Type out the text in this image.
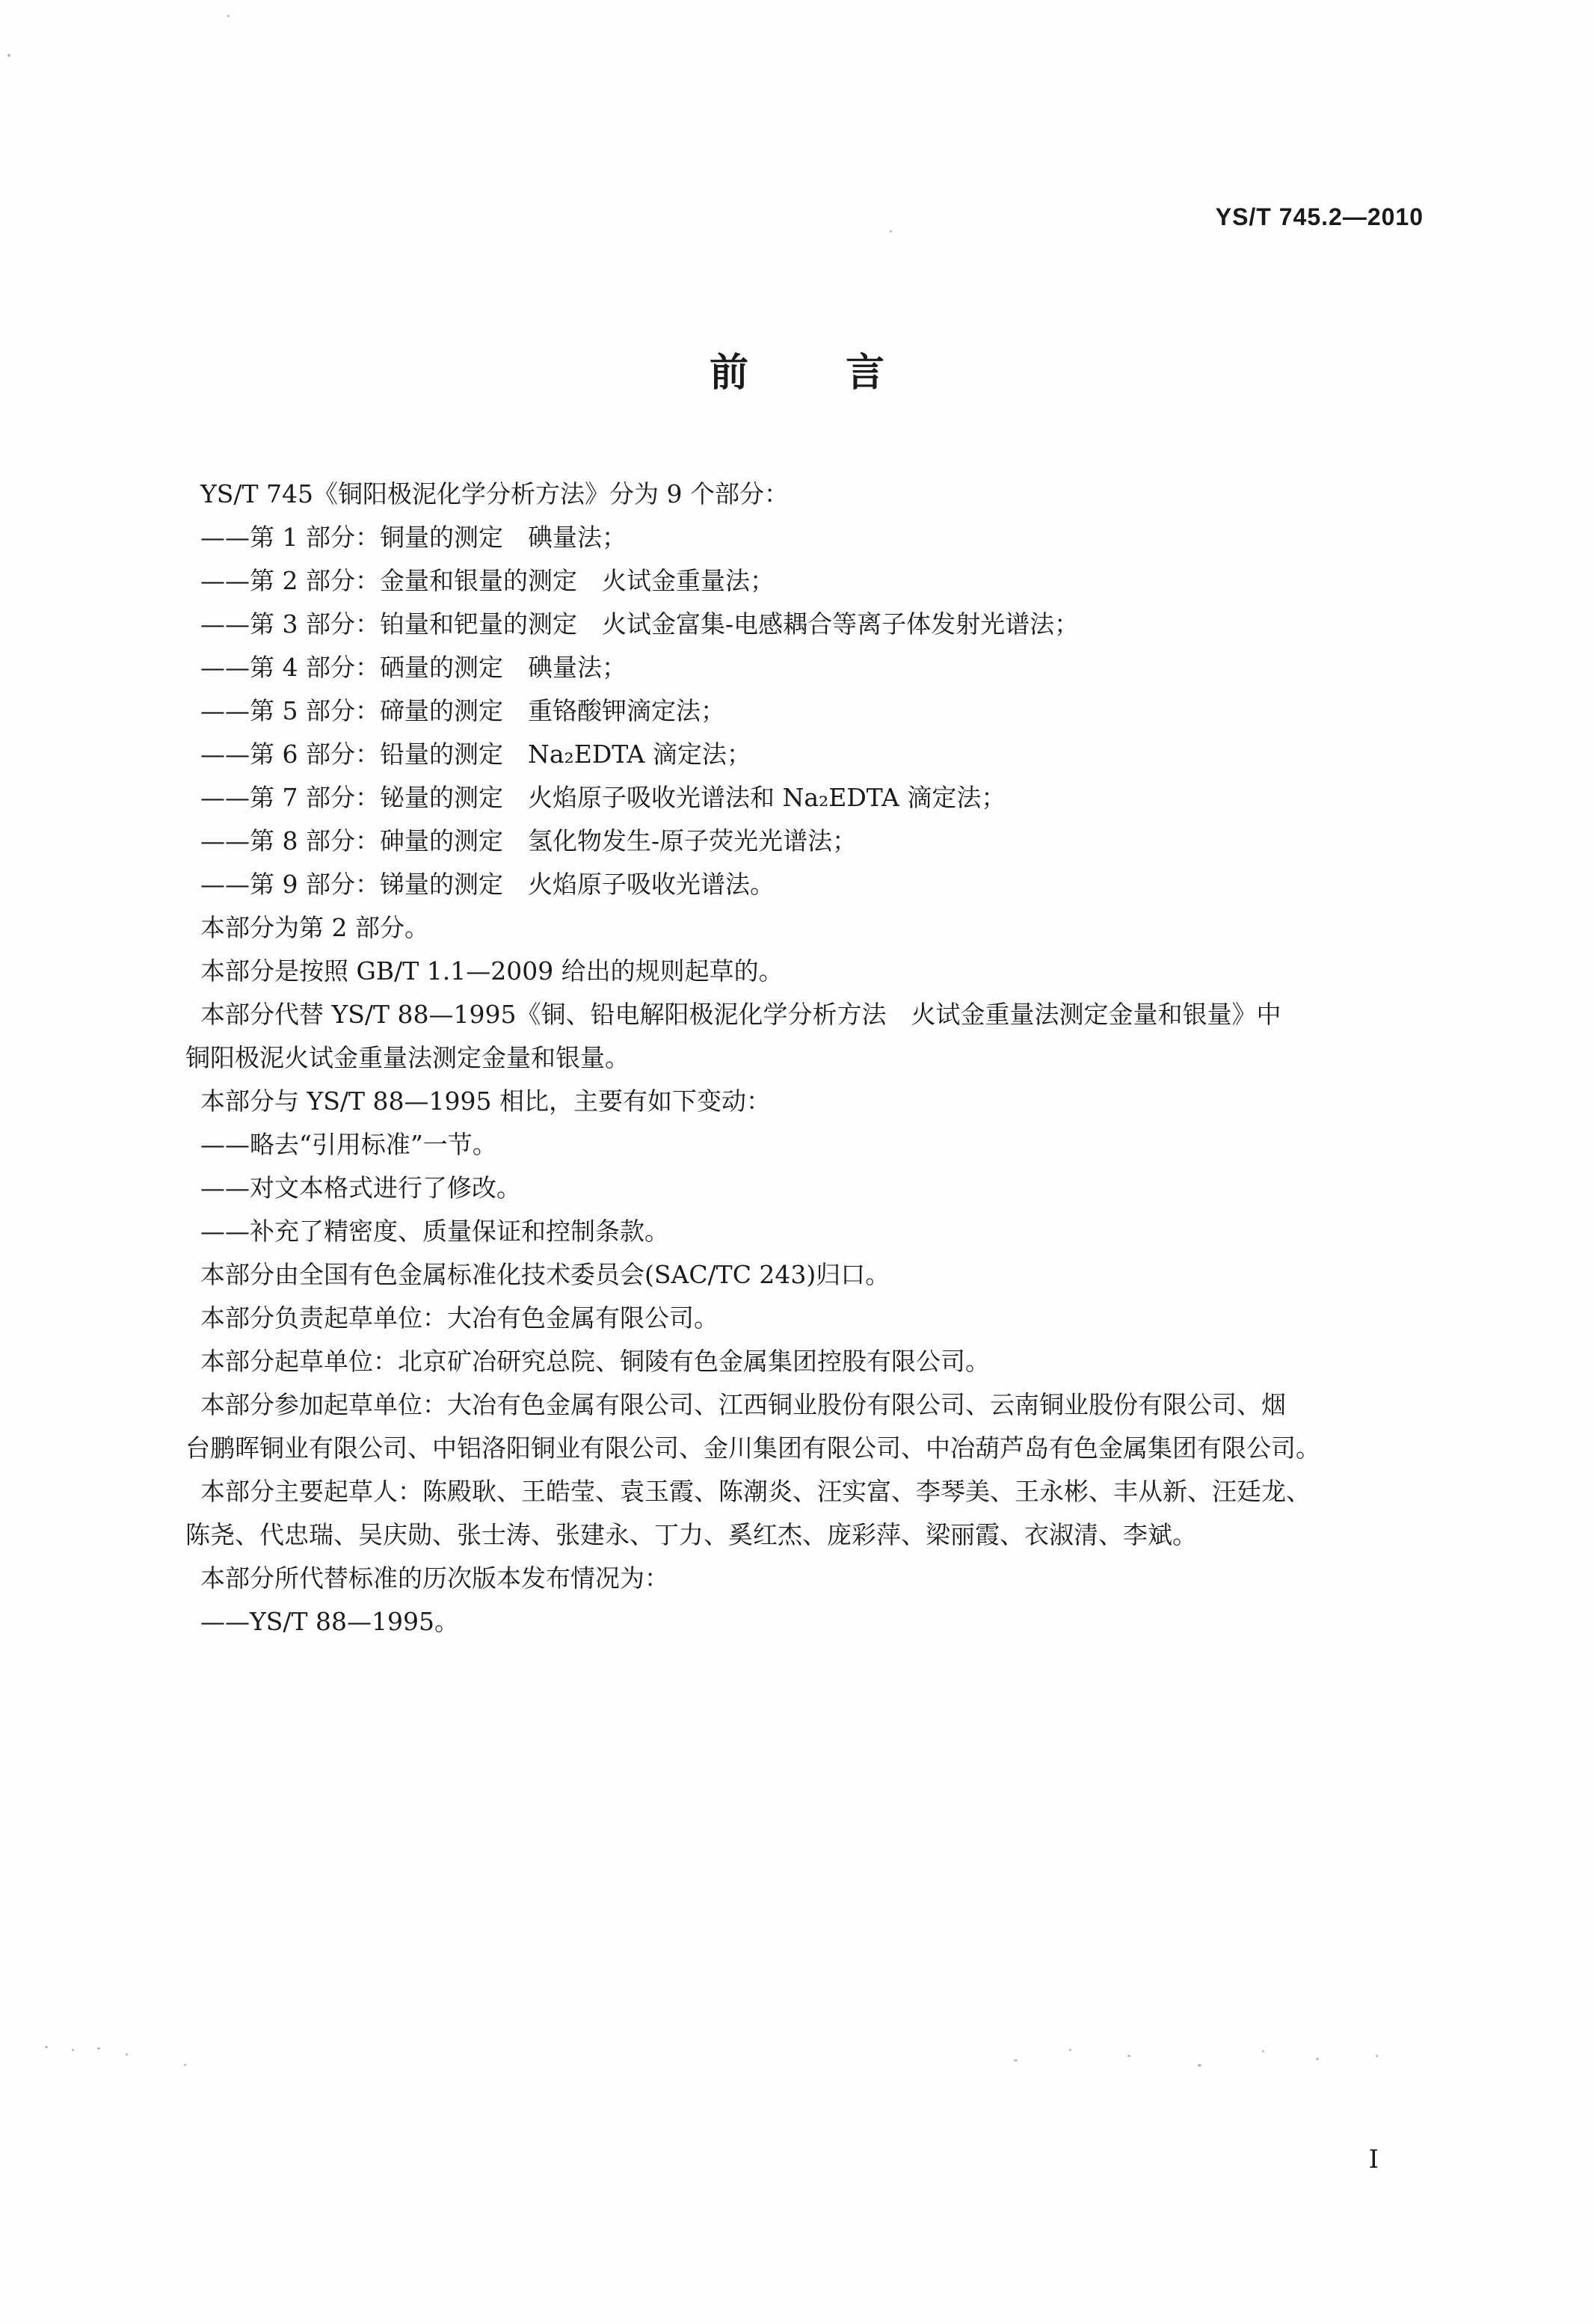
YS/T 745.2—2010
前言
YS/T 745《铜阳极泥化学分析方法》分为 9 个部分：
——第 1 部分：铜量的测定　碘量法；
——第 2 部分：金量和银量的测定　火试金重量法；
——第 3 部分：铂量和钯量的测定　火试金富集-电感耦合等离子体发射光谱法；
——第 4 部分：硒量的测定　碘量法；
——第 5 部分：碲量的测定　重铬酸钾滴定法；
——第 6 部分：铅量的测定　Na₂EDTA 滴定法；
——第 7 部分：铋量的测定　火焰原子吸收光谱法和 Na₂EDTA 滴定法；
——第 8 部分：砷量的测定　氢化物发生-原子荧光光谱法；
——第 9 部分：锑量的测定　火焰原子吸收光谱法。
本部分为第 2 部分。
本部分是按照 GB/T 1.1—2009 给出的规则起草的。
本部分代替 YS/T 88—1995《铜、铅电解阳极泥化学分析方法　火试金重量法测定金量和银量》中
铜阳极泥火试金重量法测定金量和银量。
本部分与 YS/T 88—1995 相比，主要有如下变动：
——略去“引用标准”一节。
——对文本格式进行了修改。
——补充了精密度、质量保证和控制条款。
本部分由全国有色金属标准化技术委员会(SAC/TC 243)归口。
本部分负责起草单位：大冶有色金属有限公司。
本部分起草单位：北京矿冶研究总院、铜陵有色金属集团控股有限公司。
本部分参加起草单位：大冶有色金属有限公司、江西铜业股份有限公司、云南铜业股份有限公司、烟
台鹏晖铜业有限公司、中铝洛阳铜业有限公司、金川集团有限公司、中冶葫芦岛有色金属集团有限公司。
本部分主要起草人：陈殿耿、王皓莹、袁玉霞、陈潮炎、汪实富、李琴美、王永彬、丰从新、汪廷龙、
陈尧、代忠瑞、吴庆勋、张士涛、张建永、丁力、奚红杰、庞彩萍、梁丽霞、衣淑清、李斌。
本部分所代替标准的历次版本发布情况为：
——YS/T 88—1995。
I
